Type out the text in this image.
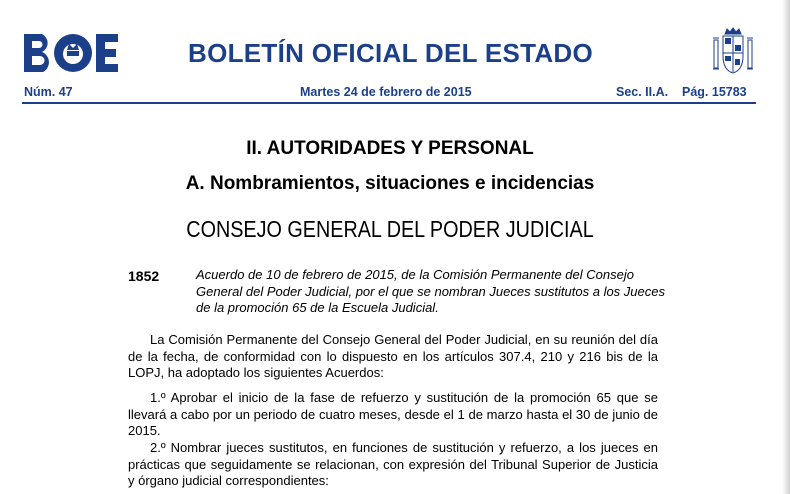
BOE
BOLETÍN OFICIAL DEL ESTADO
Núm. 47	Martes 24 de febrero de 2015	Sec. II.A. Pág. 15783
II. AUTORIDADES Y PERSONAL
A. Nombramientos, situaciones e incidencias
CONSEJO GENERAL DEL PODER JUDICIAL
1852	Acuerdo de 10 de febrero de 2015, de la Comisión Permanente del Consejo General del Poder Judicial, por el que se nombran Jueces sustitutos a los Jueces de la promoción 65 de la Escuela Judicial.
La Comisión Permanente del Consejo General del Poder Judicial, en su reunión del día de la fecha, de conformidad con lo dispuesto en los artículos 307.4, 210 y 216 bis de la LOPJ, ha adoptado los siguientes Acuerdos:
1.º Aprobar el inicio de la fase de refuerzo y sustitución de la promoción 65 que se llevará a cabo por un periodo de cuatro meses, desde el 1 de marzo hasta el 30 de junio de 2015.
2.º Nombrar jueces sustitutos, en funciones de sustitución y refuerzo, a los jueces en prácticas que seguidamente se relacionan, con expresión del Tribunal Superior de Justicia y órgano judicial correspondientes:
